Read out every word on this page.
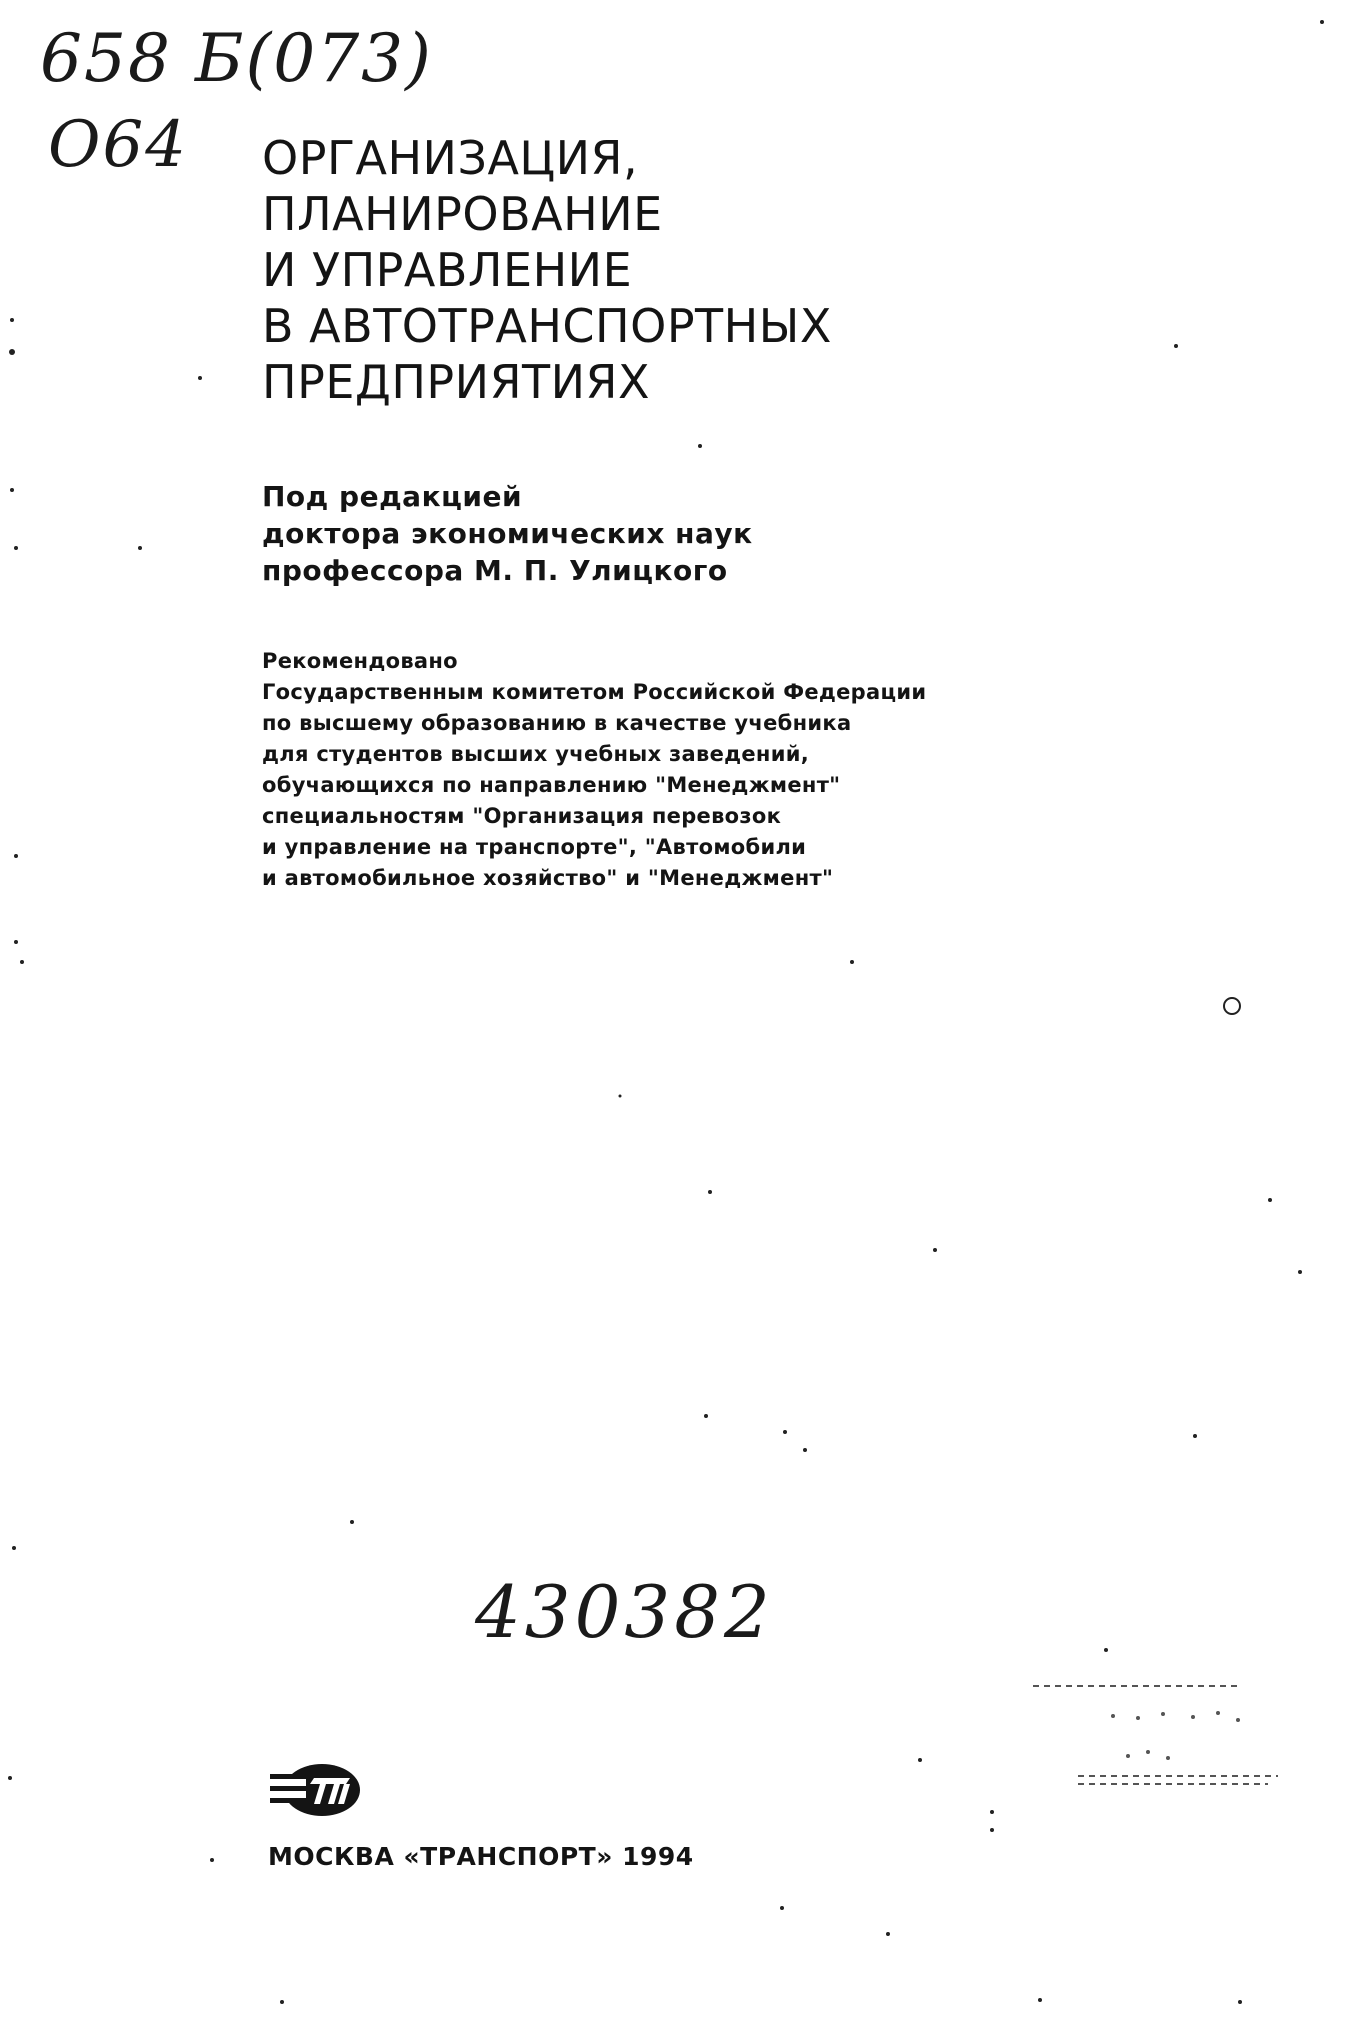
658 Б(073)
О64 ОРГАНИЗАЦИЯ,
ПЛАНИРОВАНИЕ
И УПРАВЛЕНИЕ
В АВТОТРАНСПОРТНЫХ
ПРЕДПРИЯТИЯХ
Под редакцией
доктора экономических наук
профессора М. П. Улицкого
Рекомендовано
Государственным комитетом Российской Федерации
по высшему образованию в качестве учебника
для студентов высших учебных заведений,
обучающихся по направлению "Менеджмент"
специальностям "Организация перевозок
и управление на транспорте", "Автомобили
и автомобильное хозяйство" и "Менеджмент"
430382
МОСКВА «ТРАНСПОРТ» 1994
